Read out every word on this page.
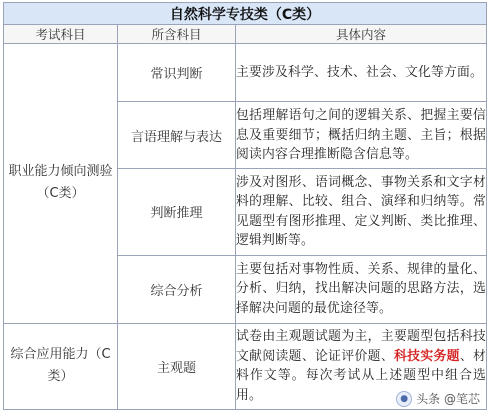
自然科学专技类（C类）		
考试科目	所含科目	具体内容
职业能力倾向测验（C类）	常识判断	主要涉及科学、技术、社会、文化等方面。
	言语理解与表达	包括理解语句之间的逻辑关系、把握主要信息及重要细节；概括归纳主题、主旨；根据阅读内容合理推断隐含信息等。
	判断推理	涉及对图形、语词概念、事物关系和文字材料的理解、比较、组合、演绎和归纳等。常见题型有图形推理、定义判断、类比推理、逻辑判断等。
	综合分析	主要包括对事物性质、关系、规律的量化、分析、归纳，找出解决问题的思路方法，选择解决问题的最优途径等。
综合应用能力（C类）	主观题	试卷由主观题试题为主，主要题型包括科技文献阅读题、论证评价题、科技实务题、材料作文等。每次考试从上述题型中组合选用。	● 头条 @笔芯
